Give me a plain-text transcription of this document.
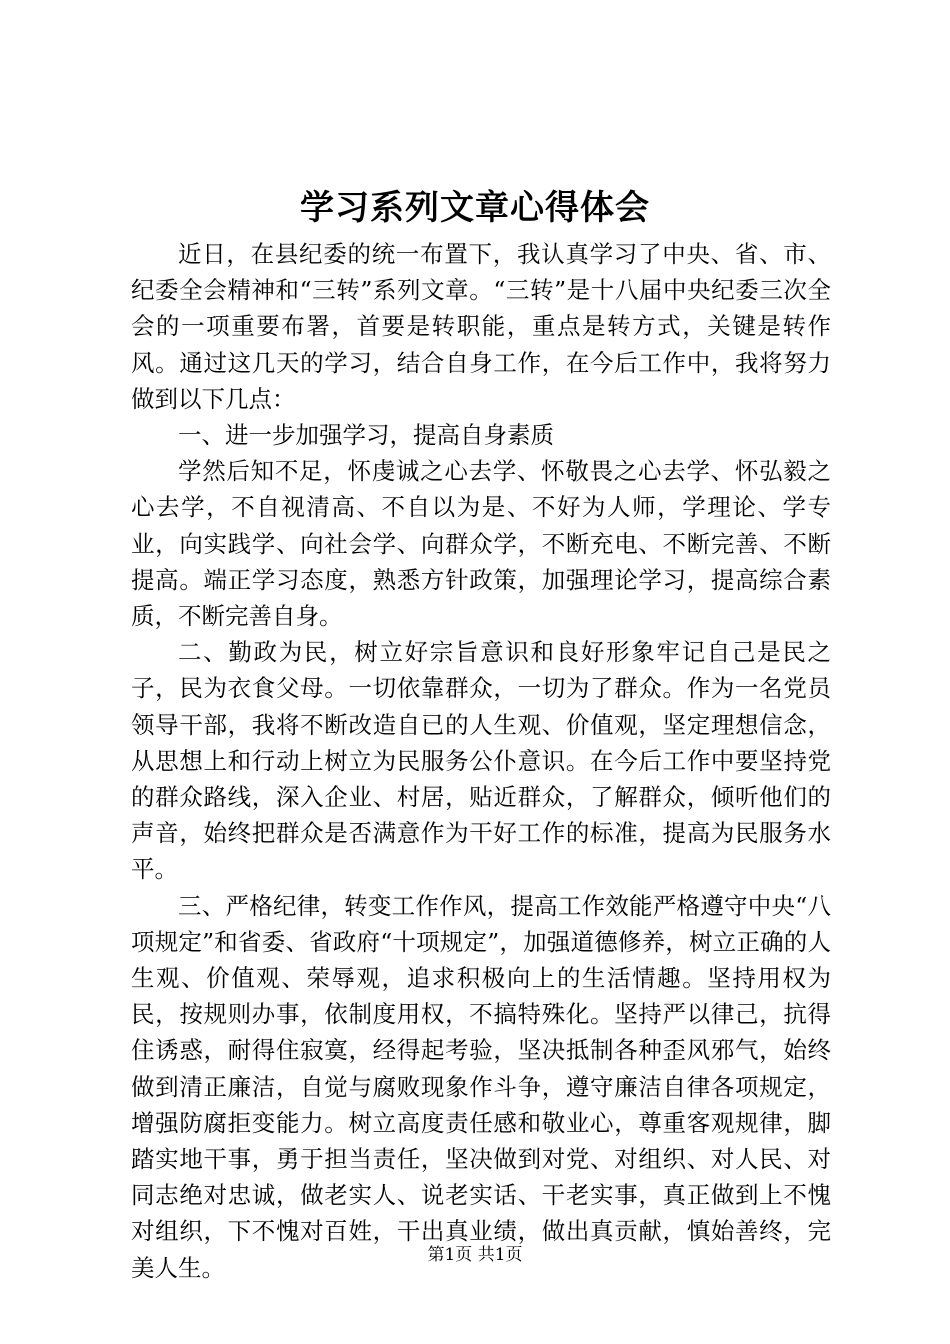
学习系列文章心得体会

近日，在县纪委的统一布置下，我认真学习了中央、省、市、纪委全会精神和“三转”系列文章。“三转”是十八届中央纪委三次全会的一项重要布署，首要是转职能，重点是转方式，关键是转作风。通过这几天的学习，结合自身工作，在今后工作中，我将努力做到以下几点：

一、进一步加强学习，提高自身素质

学然后知不足，怀虔诚之心去学、怀敬畏之心去学、怀弘毅之心去学，不自视清高、不自以为是、不好为人师，学理论、学专业，向实践学、向社会学、向群众学，不断充电、不断完善、不断提高。端正学习态度，熟悉方针政策，加强理论学习，提高综合素质，不断完善自身。

二、勤政为民，树立好宗旨意识和良好形象牢记自己是民之子，民为衣食父母。一切依靠群众，一切为了群众。作为一名党员领导干部，我将不断改造自已的人生观、价值观，坚定理想信念，从思想上和行动上树立为民服务公仆意识。在今后工作中要坚持党的群众路线，深入企业、村居，贴近群众，了解群众，倾听他们的声音，始终把群众是否满意作为干好工作的标准，提高为民服务水平。

三、严格纪律，转变工作作风，提高工作效能严格遵守中央“八项规定”和省委、省政府“十项规定”，加强道德修养，树立正确的人生观、价值观、荣辱观，追求积极向上的生活情趣。坚持用权为民，按规则办事，依制度用权，不搞特殊化。坚持严以律己，抗得住诱惑，耐得住寂寞，经得起考验，坚决抵制各种歪风邪气，始终做到清正廉洁，自觉与腐败现象作斗争，遵守廉洁自律各项规定，增强防腐拒变能力。树立高度责任感和敬业心，尊重客观规律，脚踏实地干事，勇于担当责任，坚决做到对党、对组织、对人民、对同志绝对忠诚，做老实人、说老实话、干老实事，真正做到上不愧对组织，下不愧对百姓，干出真业绩，做出真贡献，慎始善终，完美人生。	第1页 共1页
